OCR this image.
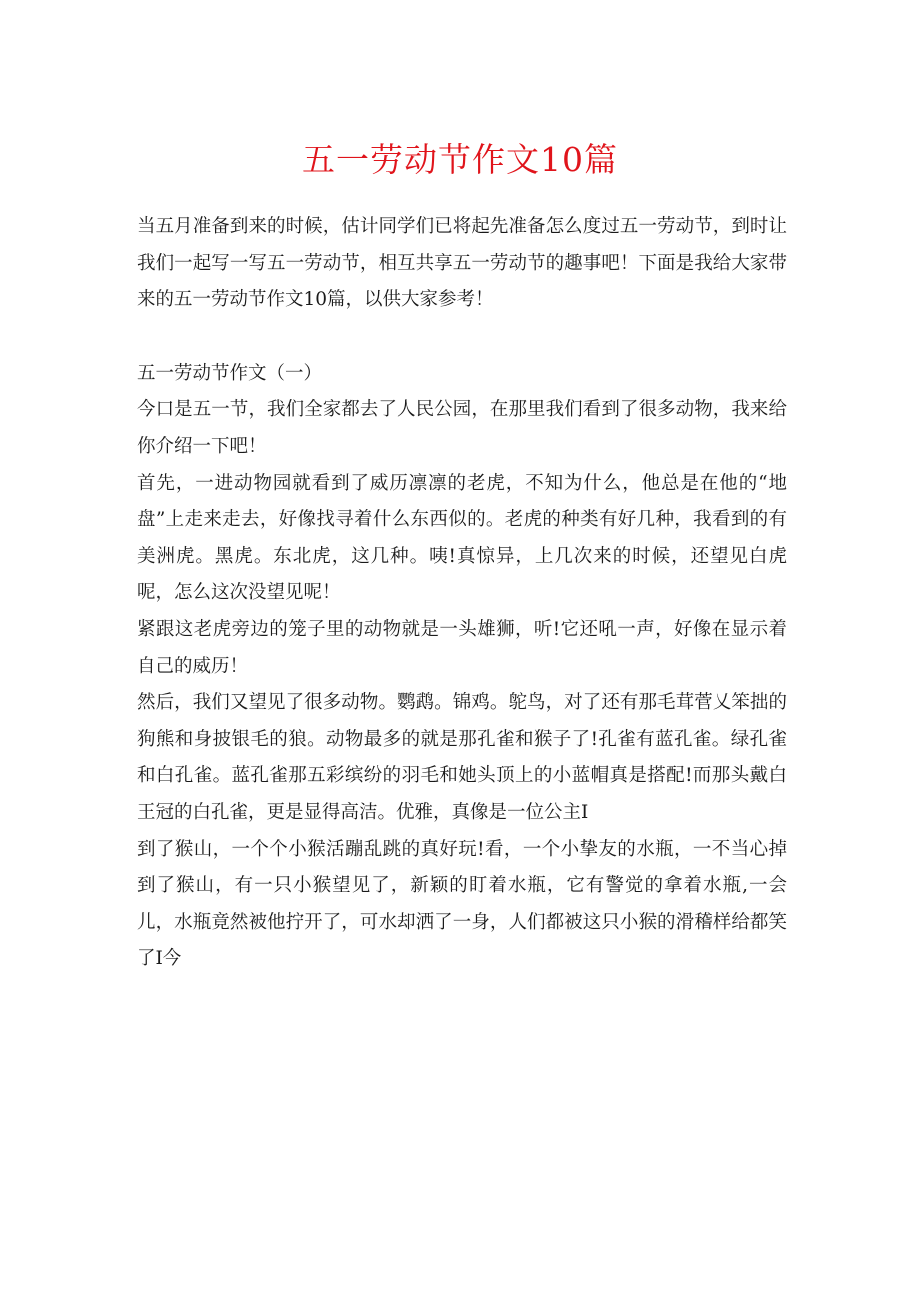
五一劳动节作文10篇

当五月准备到来的时候，估计同学们已将起先准备怎么度过五一劳动节，到时让我们一起写一写五一劳动节，相互共享五一劳动节的趣事吧！下面是我给大家带来的五一劳动节作文10篇，以供大家参考！

五一劳动节作文（一）

今口是五一节，我们全家都去了人民公园，在那里我们看到了很多动物，我来给你介绍一下吧！

首先，一进动物园就看到了威历凛凛的老虎，不知为什么，他总是在他的“地盘”上走来走去，好像找寻着什么东西似的。老虎的种类有好几种，我看到的有美洲虎。黑虎。东北虎，这几种。咦!真惊异，上几次来的时候，还望见白虎呢，怎么这次没望见呢！

紧跟这老虎旁边的笼子里的动物就是一头雄狮，听!它还吼一声，好像在显示着自己的威历！

然后，我们又望见了很多动物。鹦鹉。锦鸡。鸵鸟，对了还有那毛茸菅乂笨拙的狗熊和身披银毛的狼。动物最多的就是那孔雀和猴子了!孔雀有蓝孔雀。绿孔雀和白孔雀。蓝孔雀那五彩缤纷的羽毛和她头顶上的小蓝帽真是搭配!而那头戴白王冠的白孔雀，更是显得高洁。优雅，真像是一位公主I

到了猴山，一个个小猴活蹦乱跳的真好玩!看，一个小挚友的水瓶，一不当心掉到了猴山，有一只小猴望见了，新颖的盯着水瓶，它有警觉的拿着水瓶,一会儿，水瓶竟然被他拧开了，可水却洒了一身，人们都被这只小猴的滑稽样给都笑了I今
